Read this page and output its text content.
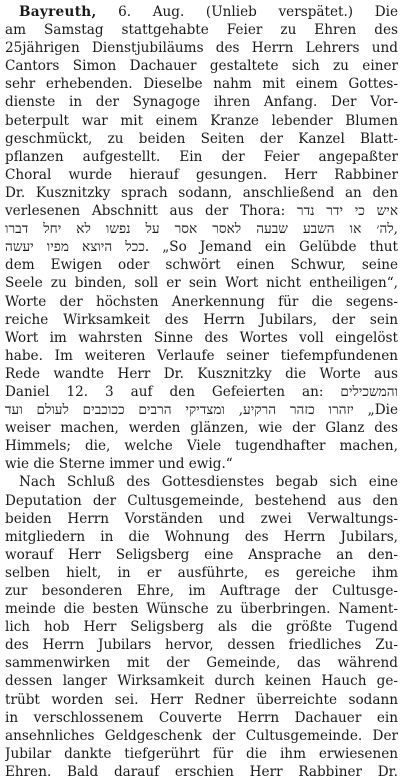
Bayreuth, 6. Aug. (Unlieb verspätet.) Die
am Samstag stattgehabte Feier zu Ehren des
25jährigen Dienstjubiläums des Herrn Lehrers und
Cantors Simon Dachauer gestaltete sich zu einer
sehr erhebenden. Dieselbe nahm mit einem Gottes-
dienste in der Synagoge ihren Anfang. Der Vor-
beterpult war mit einem Kranze lebender Blumen
geschmückt, zu beiden Seiten der Kanzel Blatt-
pflanzen aufgestellt. Ein der Feier angepaßter
Choral wurde hierauf gesungen. Herr Rabbiner
Dr. Kusznitzky sprach sodann, anschließend an den
verlesenen Abschnitt aus der Thora: איש כי ידר נדר
לה׳ או השבע שבעה לאסר אסר על נפשו לא יחל דברו,
ככל היוצא מפיו יעשה. „So Jemand ein Gelübde thut
dem Ewigen oder schwört einen Schwur, seine
Seele zu binden, soll er sein Wort nicht entheiligen“,
Worte der höchsten Anerkennung für die segens-
reiche Wirksamkeit des Herrn Jubilars, der sein
Wort im wahrsten Sinne des Wortes voll eingelöst
habe. Im weiteren Verlaufe seiner tiefempfundenen
Rede wandte Herr Dr. Kusznitzky die Worte aus
Daniel 12. 3 auf den Gefeierten an: והמשכילים
יזהרו כזהר הרקיע, ומצדיקי הרבים ככוכבים לעולם ועד „Die
weiser machen, werden glänzen, wie der Glanz des
Himmels; die, welche Viele tugendhafter machen,
wie die Sterne immer und ewig.“
Nach Schluß des Gottesdienstes begab sich eine
Deputation der Cultusgemeinde, bestehend aus den
beiden Herrn Vorständen und zwei Verwaltungs-
mitgliedern in die Wohnung des Herrn Jubilars,
worauf Herr Seligsberg eine Ansprache an den-
selben hielt, in er ausführte, es gereiche ihm
zur besonderen Ehre, im Auftrage der Cultusge-
meinde die besten Wünsche zu überbringen. Nament-
lich hob Herr Seligsberg als die größte Tugend
des Herrn Jubilars hervor, dessen friedliches Zu-
sammenwirken mit der Gemeinde, das während
dessen langer Wirksamkeit durch keinen Hauch ge-
trübt worden sei. Herr Redner überreichte sodann
in verschlossenem Couverte Herrn Dachauer ein
ansehnliches Geldgeschenk der Cultusgemeinde. Der
Jubilar dankte tiefgerührt für die ihm erwiesenen
Ehren. Bald darauf erschien Herr Rabbiner Dr.
